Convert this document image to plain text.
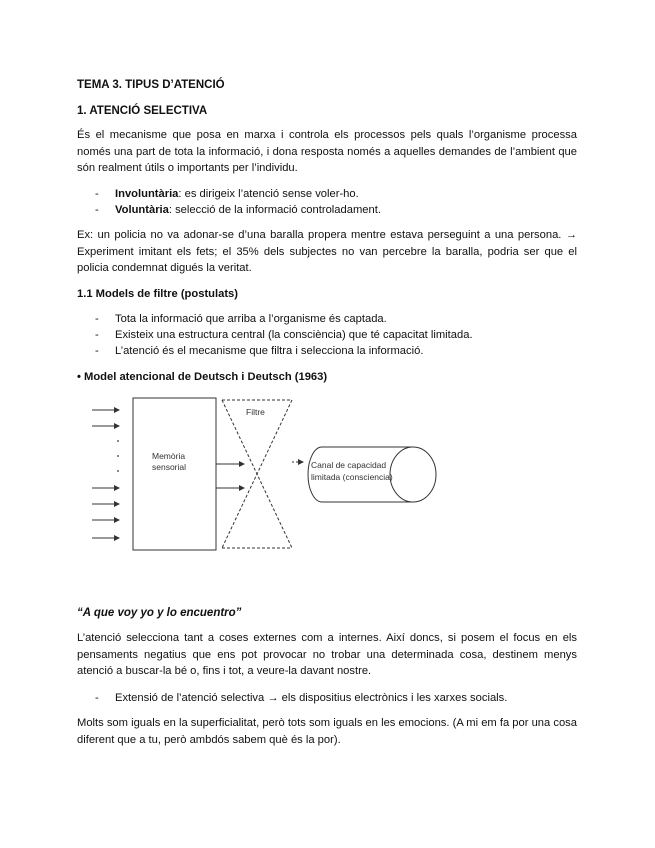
TEMA 3. TIPUS D’ATENCIÓ
1. ATENCIÓ SELECTIVA

És el mecanisme que posa en marxa i controla els processos pels quals l’organisme processa només una part de tota la informació, i dona resposta només a aquelles demandes de l’ambient que són realment útils o importants per l’individu.

- Involuntària: es dirigeix l’atenció sense voler-ho.
- Voluntària: selecció de la informació controladament.

Ex: un policia no va adonar-se d’una baralla propera mentre estava perseguint a una persona. → Experiment imitant els fets; el 35% dels subjectes no van percebre la baralla, podria ser que el policia condemnat digués la veritat.

1.1 Models de filtre (postulats)
- Tota la informació que arriba a l’organisme és captada.
- Existeix una estructura central (la consciència) que té capacitat limitada.
- L’atenció és el mecanisme que filtra i selecciona la informació.
• Model atencional de Deutsch i Deutsch (1963)
Memòria
sensorial
Filtre
Canal de capacidad
limitada (consciencia)
“A que voy yo y lo encuentro”

L’atenció selecciona tant a coses externes com a internes. Així doncs, si posem el focus en els pensaments negatius que ens pot provocar no trobar una determinada cosa, destinem menys atenció a buscar-la bé o, fins i tot, a veure-la davant nostre.

- Extensió de l’atenció selectiva → els dispositius electrònics i les xarxes socials.

Molts som iguals en la superficialitat, però tots som iguals en les emocions. (A mi em fa por una cosa diferent que a tu, però ambdós sabem què és la por).
